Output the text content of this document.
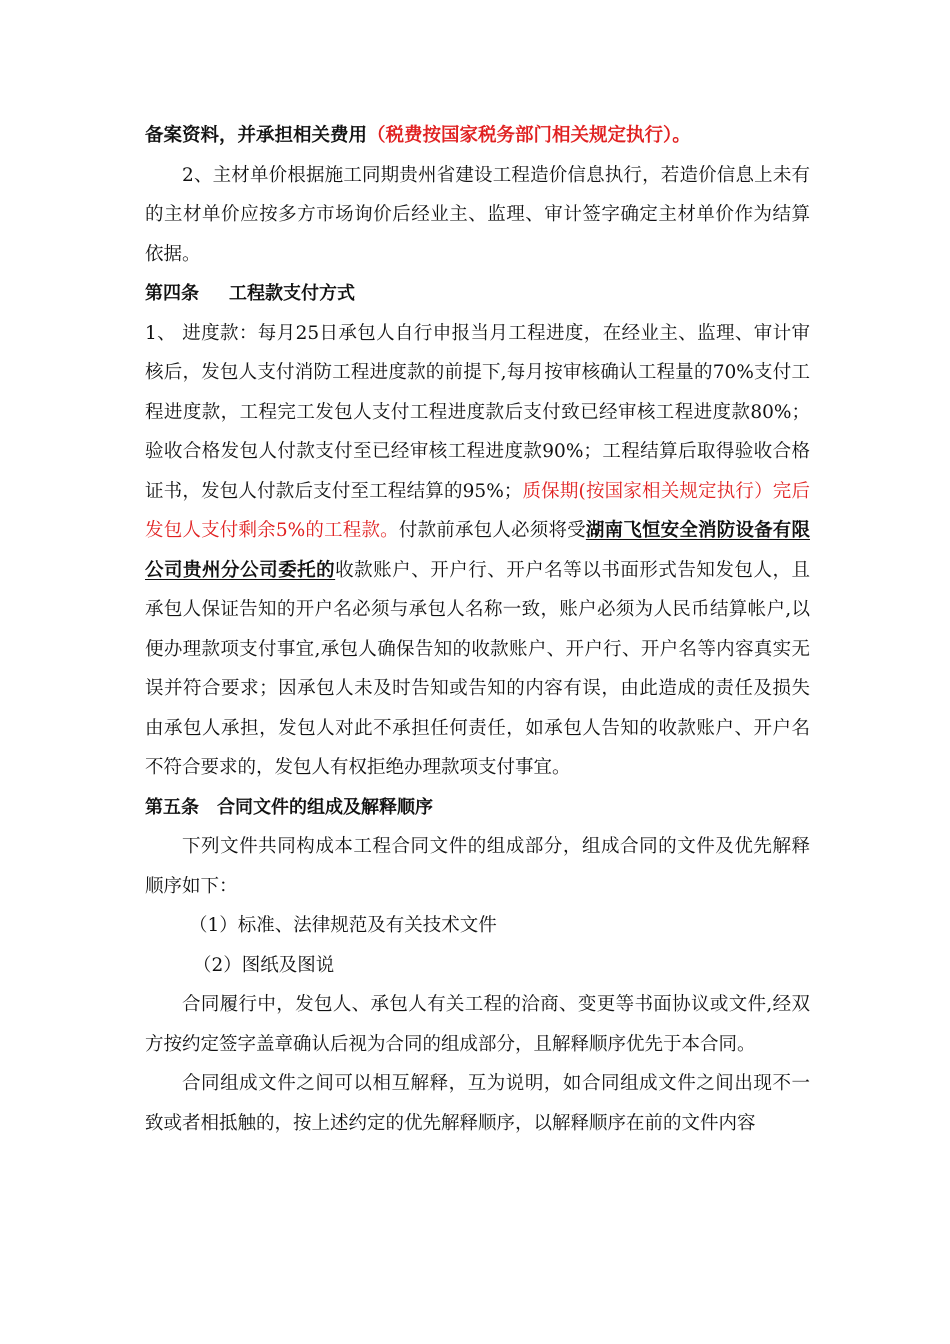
备案资料，并承担相关费用（税费按国家税务部门相关规定执行）。

2、主材单价根据施工同期贵州省建设工程造价信息执行，若造价信息上未有的主材单价应按多方市场询价后经业主、监理、审计签字确定主材单价作为结算依据。

第四条 工程款支付方式

1、 进度款：每月25日承包人自行申报当月工程进度，在经业主、监理、审计审核后，发包人支付消防工程进度款的前提下,每月按审核确认工程量的70%支付工程进度款，工程完工发包人支付工程进度款后支付致已经审核工程进度款80%；验收合格发包人付款支付至已经审核工程进度款90%；工程结算后取得验收合格证书，发包人付款后支付至工程结算的95%；质保期(按国家相关规定执行）完后发包人支付剩余5%的工程款。付款前承包人必须将受湖南飞恒安全消防设备有限公司贵州分公司委托的收款账户、开户行、开户名等以书面形式告知发包人，且承包人保证告知的开户名必须与承包人名称一致，账户必须为人民币结算帐户,以便办理款项支付事宜,承包人确保告知的收款账户、开户行、开户名等内容真实无误并符合要求；因承包人未及时告知或告知的内容有误，由此造成的责任及损失由承包人承担，发包人对此不承担任何责任，如承包人告知的收款账户、开户名不符合要求的，发包人有权拒绝办理款项支付事宜。

第五条 合同文件的组成及解释顺序

下列文件共同构成本工程合同文件的组成部分，组成合同的文件及优先解释顺序如下：

（1）标准、法律规范及有关技术文件

（2）图纸及图说

合同履行中，发包人、承包人有关工程的洽商、变更等书面协议或文件,经双方按约定签字盖章确认后视为合同的组成部分，且解释顺序优先于本合同。

合同组成文件之间可以相互解释，互为说明，如合同组成文件之间出现不一致或者相抵触的，按上述约定的优先解释顺序，以解释顺序在前的文件内容
